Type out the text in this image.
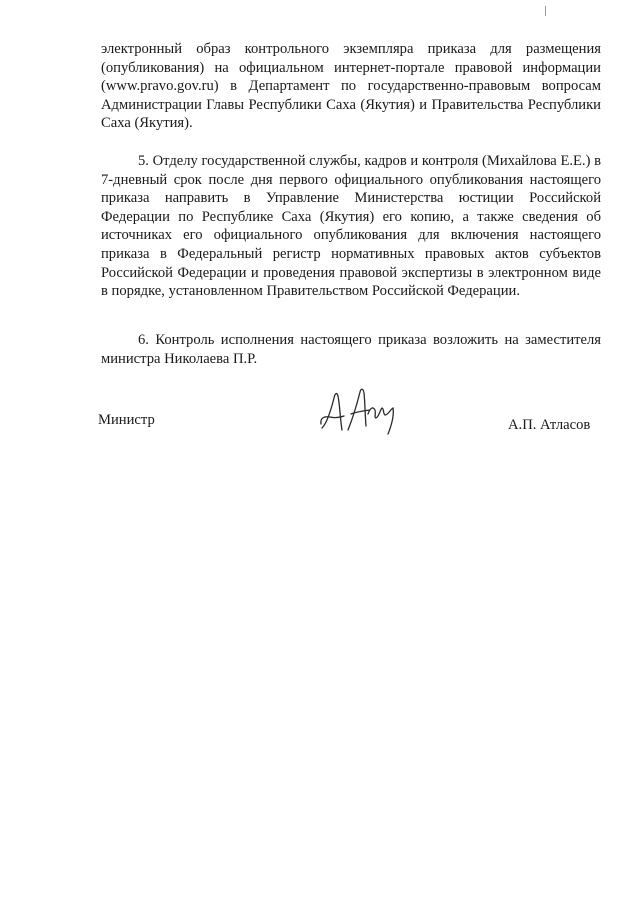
электронный образ контрольного экземпляра приказа для размещения (опубликования) на официальном интернет-портале правовой информации (www.pravo.gov.ru) в Департамент по государственно-правовым вопросам Администрации Главы Республики Саха (Якутия) и Правительства Республики Саха (Якутия).

5. Отделу государственной службы, кадров и контроля (Михайлова Е.Е.) в 7-дневный срок после дня первого официального опубликования настоящего приказа направить в Управление Министерства юстиции Российской Федерации по Республике Саха (Якутия) его копию, а также сведения об источниках его официального опубликования для включения настоящего приказа в Федеральный регистр нормативных правовых актов субъектов Российской Федерации и проведения правовой экспертизы в электронном виде в порядке, установленном Правительством Российской Федерации.

6. Контроль исполнения настоящего приказа возложить на заместителя министра Николаева П.Р.

Министр	А.П. Атласов
